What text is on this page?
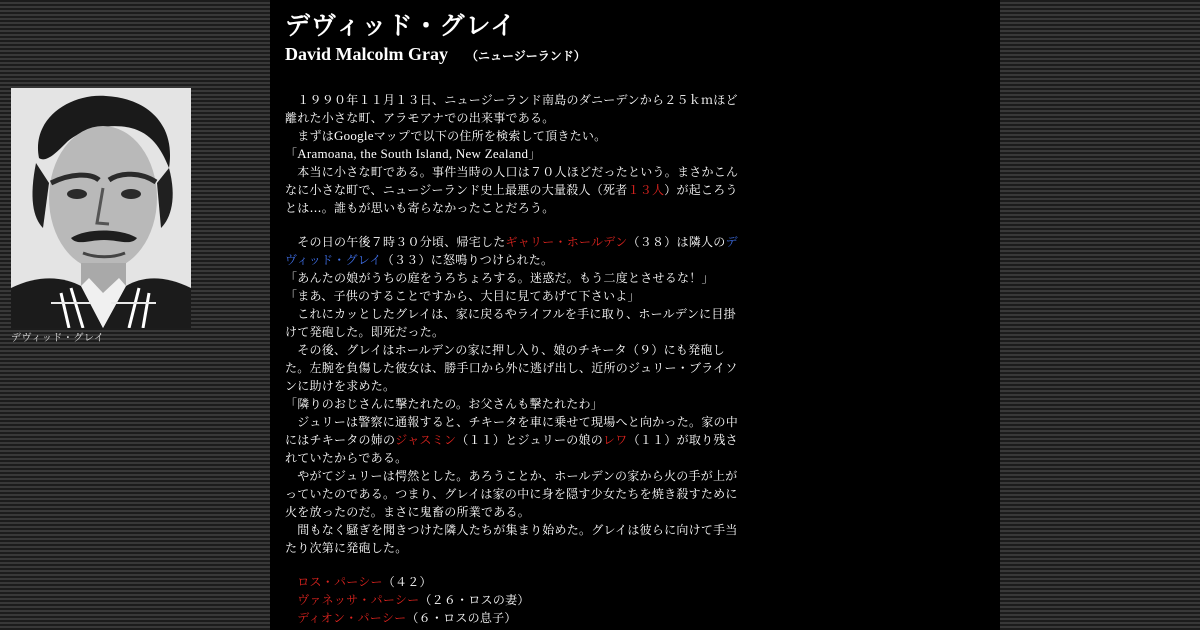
デヴィッド・グレイ
デヴィッド・グレイ
David Malcolm Gray （ニュージーランド）

　１９９０年１１月１３日、ニュージーランド南島のダニーデンから２５ｋｍほど離れた小さな町、アラモアナでの出来事である。

　まずはGoogleマップで以下の住所を検索して頂きたい。

「Aramoana, the South Island, New Zealand」

　本当に小さな町である。事件当時の人口は７０人ほどだったという。まさかこんなに小さな町で、ニュージーランド史上最悪の大量殺人（死者１３人）が起ころうとは…。誰もが思いも寄らなかったことだろう。

　その日の午後７時３０分頃、帰宅したギャリー・ホールデン（３８）は隣人のデヴィッド・グレイ（３３）に怒鳴りつけられた。

「あんたの娘がうちの庭をうろちょろする。迷惑だ。もう二度とさせるな！」

「まあ、子供のすることですから、大目に見てあげて下さいよ」

　これにカッとしたグレイは、家に戻るやライフルを手に取り、ホールデンに目掛けて発砲した。即死だった。

　その後、グレイはホールデンの家に押し入り、娘のチキータ（９）にも発砲した。左腕を負傷した彼女は、勝手口から外に逃げ出し、近所のジュリー・ブライソンに助けを求めた。

「隣りのおじさんに撃たれたの。お父さんも撃たれたわ」

　ジュリーは警察に通報すると、チキータを車に乗せて現場へと向かった。家の中にはチキータの姉のジャスミン（１１）とジュリーの娘のレワ（１１）が取り残されていたからである。

　やがてジュリーは愕然とした。あろうことか、ホールデンの家から火の手が上がっていたのである。つまり、グレイは家の中に身を隠す少女たちを焼き殺すために火を放ったのだ。まさに鬼畜の所業である。

　間もなく騒ぎを聞きつけた隣人たちが集まり始めた。グレイは彼らに向けて手当たり次第に発砲した。

　ロス・パーシー（４２）

　ヴァネッサ・パーシー（２６・ロスの妻）

　ディオン・パーシー（６・ロスの息子）
